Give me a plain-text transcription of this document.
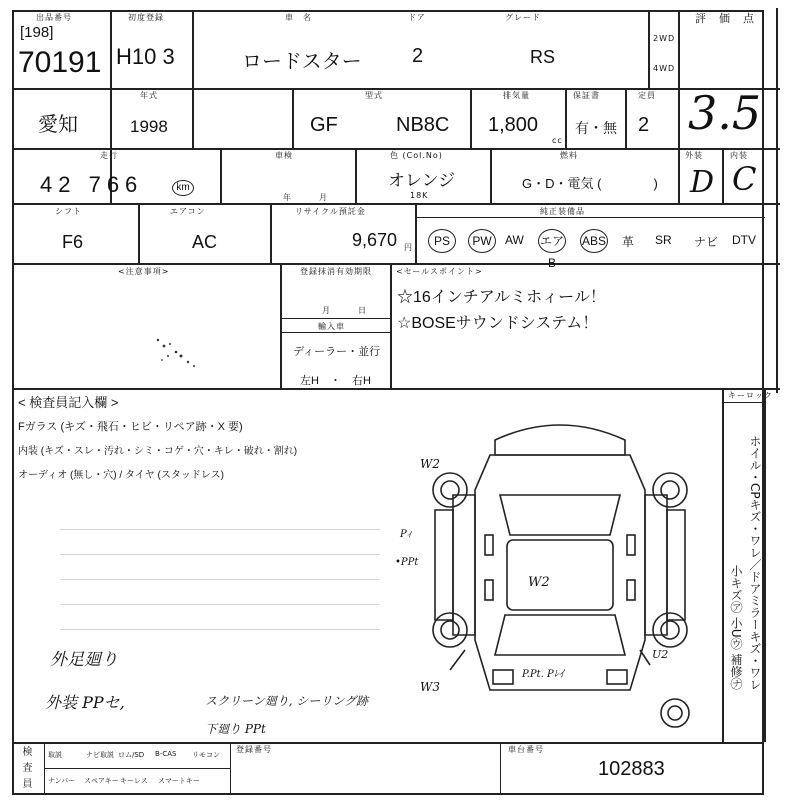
出品番号
[198]
70191
初度登録
H10 3
車　名
ロードスター
ドア
2
グレード
RS
2WD
4WD
評　価　点
3.5
愛知
年式
1998
型式
GF	NB8C
排気量
1,800
cc
保証書
有・無
定員
2
走行
42 766	km
車検
年　　　月
色 (Col.No)
オレンジ
18K
燃料
G・D・電気 (　　　　)
外装	内装
D C
シフト
F6
エアコン
AC
リサイクル預託金
9,670 円
純正装備品
PS	PW	AW エアB
ABS 革 SR ナビ DTV
<注意事項>	登録抹消有効期限
月　　　日
輸入車
ディーラー・並行
左H　・　右H
<セールスポイント>
☆16インチアルミホィール！
☆BOSEサウンドシステム！
< 検査員記入欄 >
Fガラス (キズ・飛石・ヒビ・リペア跡・X 要)
内装 (キズ・スレ・汚れ・シミ・コゲ・穴・キレ・破れ・割れ)
オーディオ (無し・穴) / タイヤ (スタッドレス)
外足廻り
外装 PPセ,	スクリーン廻り, シーリング跡
下廻り PPt
キーロック
ホイル・CPキズ・ワレ／ドアミラーキズ・ワレ
小キズ㋐ 小U㋒ 補修㋤
W2
W2
U2
W3
•PPt
Pｨ
P.Pt. Pﾚｲ
検査員 取説	ナビ取説 ロム/SD B-CAS リモコン
ナンバー スペアキー キーレス スマートキー
登録番号	車台番号
102883
